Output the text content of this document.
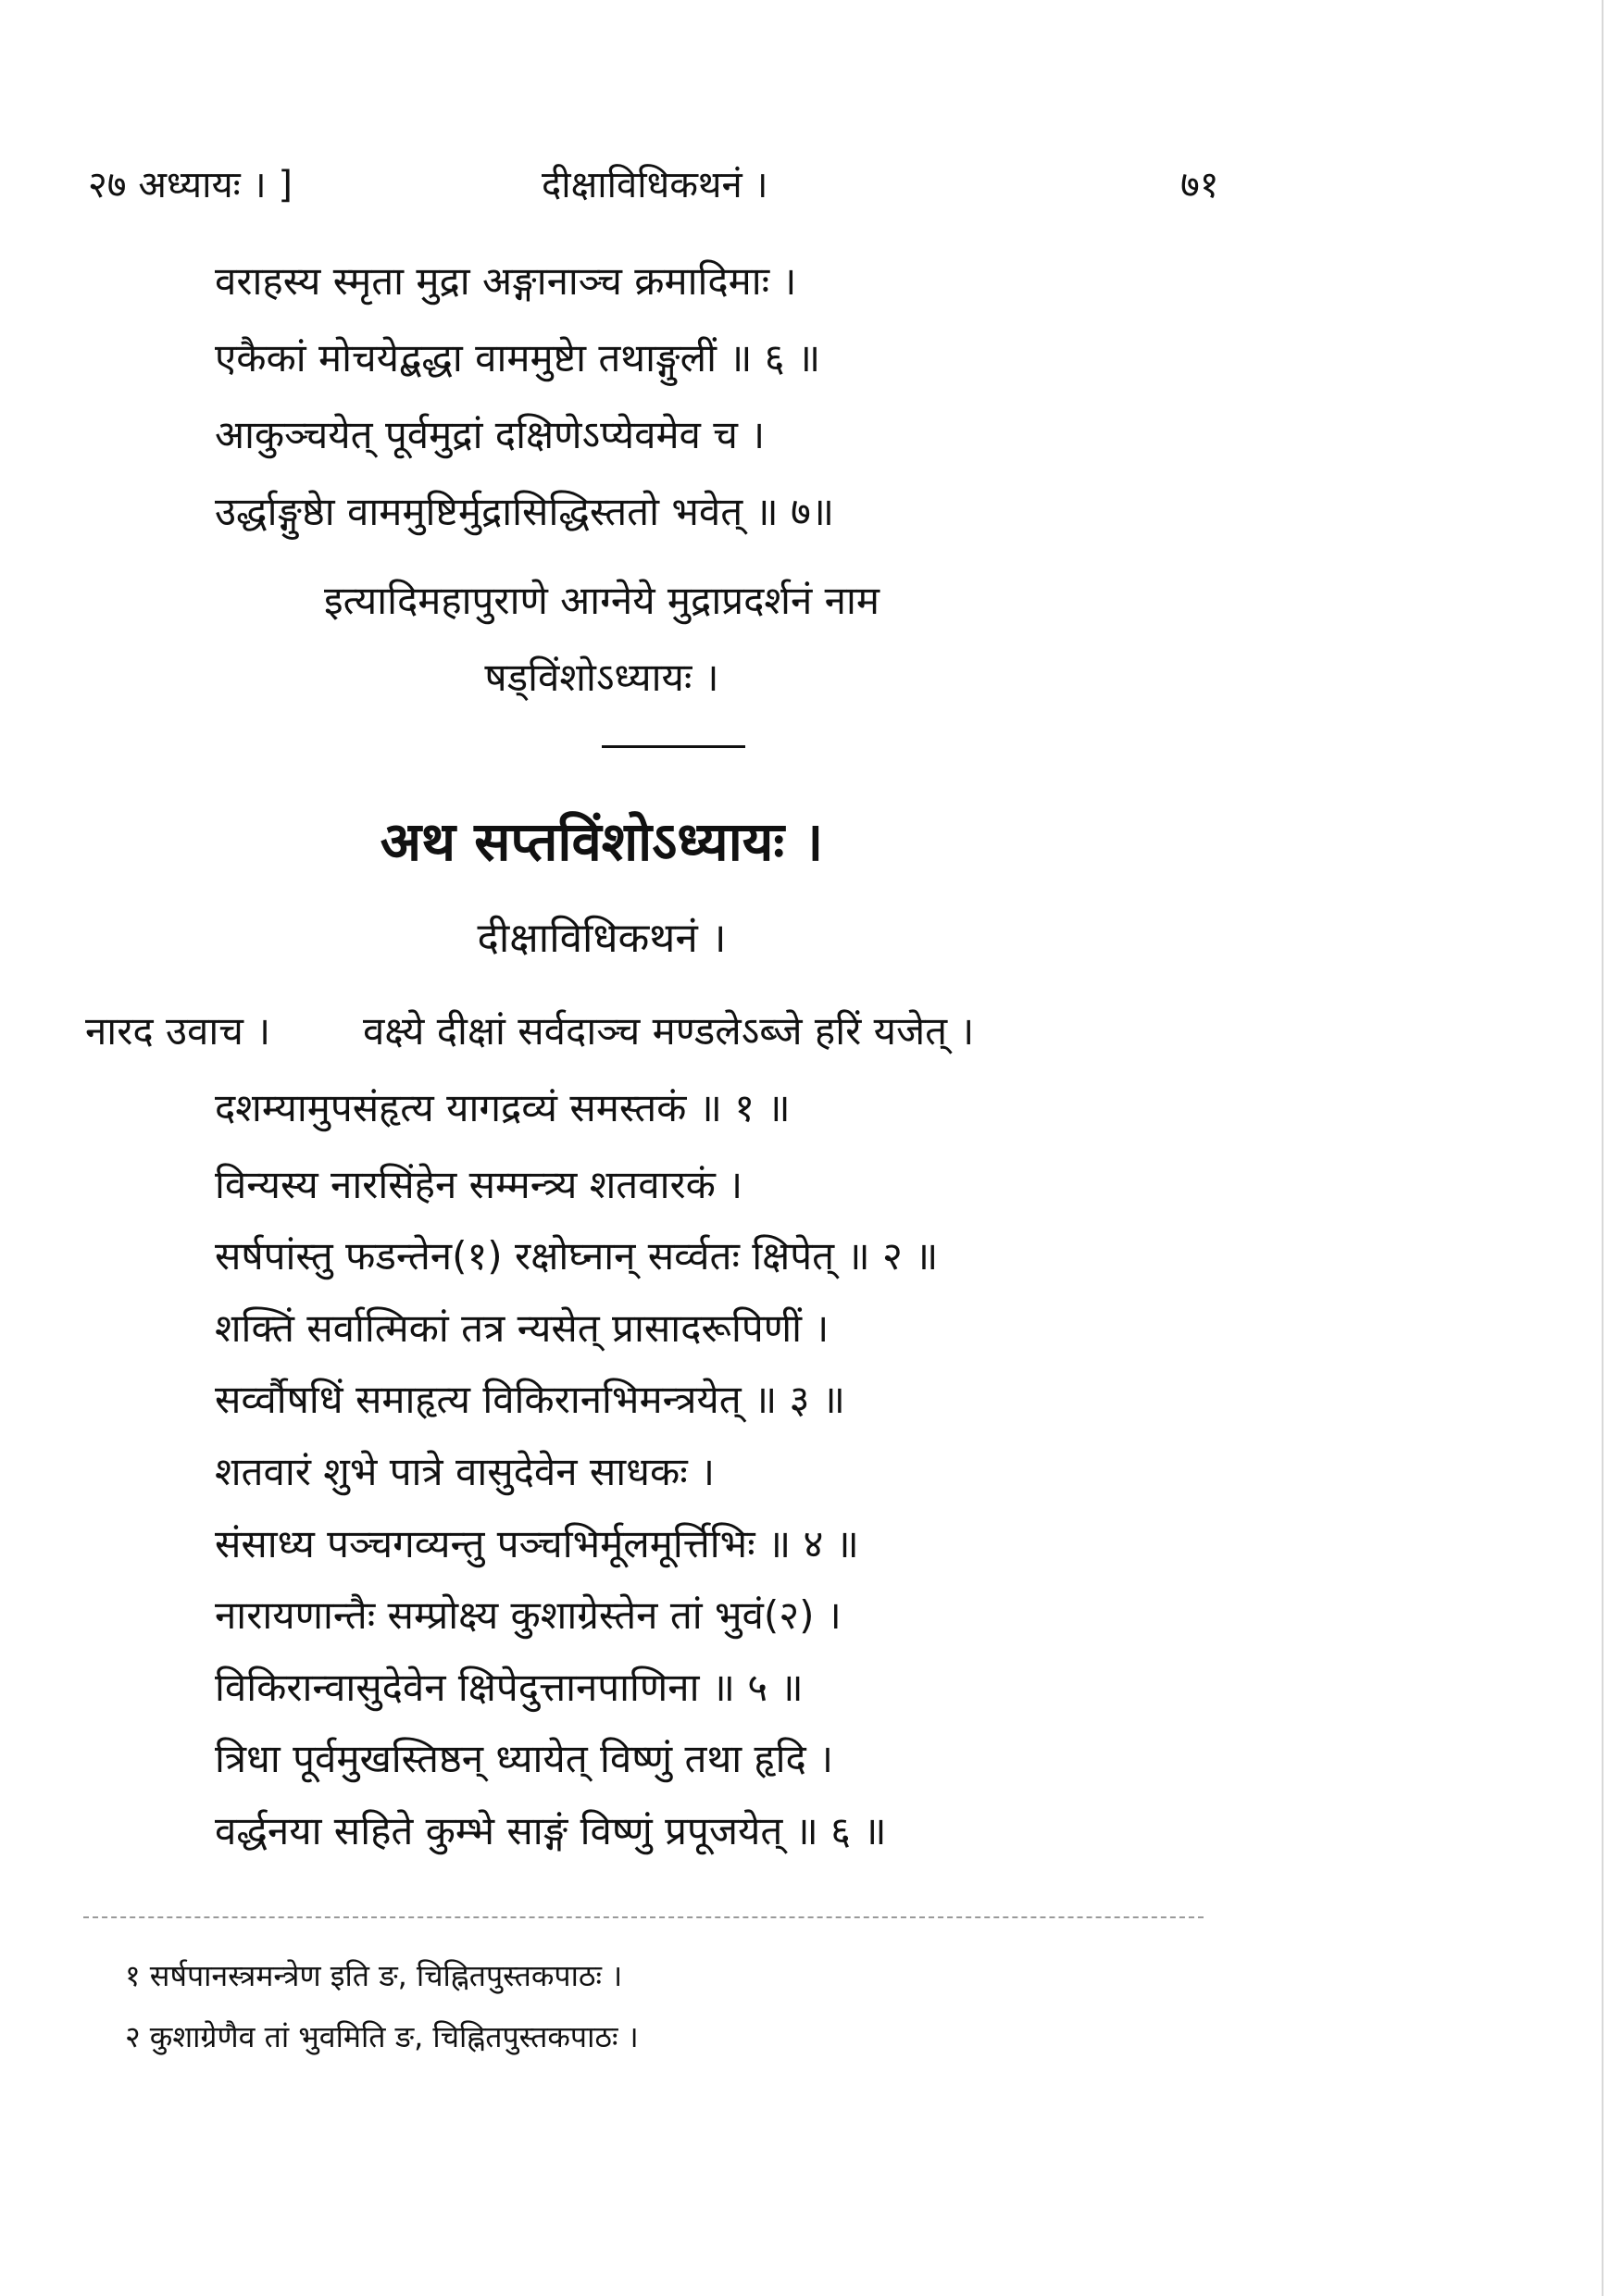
२७ अध्यायः । ]	दीक्षाविधिकथनं ।	७१
वराहस्य स्मृता मुद्रा अङ्गानाञ्च क्रमादिमाः ।
एकैकां मोचयेद्बद्धा वाममुष्टेा तथाङ्गुलीं ॥ ६ ॥
आकुञ्चयेत् पूर्वमुद्रां दक्षिणेऽप्येवमेव च ।
उर्द्धाङ्गुष्ठेा वाममुष्टिर्मुद्रासिद्धिस्ततो भवेत् ॥ ७॥
इत्यादिमहापुराणे आग्नेये मुद्राप्रदर्शनं नाम
षड्विंशोऽध्यायः ।
अथ सप्तविंशोऽध्यायः ।
दीक्षाविधिकथनं ।
नारद उवाच । वक्ष्ये दीक्षां सर्वदाञ्च मण्डलेऽब्जे हरिं यजेत् ।
दशम्यामुपसंहृत्य यागद्रव्यं समस्तकं ॥ १ ॥
विन्यस्य नारसिंहेन सम्मन्त्र्य शतवारकं ।
सर्षपांस्तु फडन्तेन(१) रक्षोघ्नान् सर्व्वतः क्षिपेत् ॥ २ ॥
शक्तिं सर्वात्मिकां तत्र न्यसेत् प्रासादरूपिणीं ।
सर्व्वौषधिं समाहृत्य विकिरानभिमन्त्रयेत् ॥ ३ ॥
शतवारं शुभे पात्रे वासुदेवेन साधकः ।
संसाध्य पञ्चगव्यन्तु पञ्चभिर्मूलमूर्त्तिभिः ॥ ४ ॥
नारायणान्तैः सम्प्रोक्ष्य कुशाग्रेस्तेन तां भुवं(२) ।
विकिरान्वासुदेवेन क्षिपेदुत्तानपाणिना ॥ ५ ॥
त्रिधा पूर्वमुखस्तिष्ठन् ध्यायेत् विष्णुं तथा हृदि ।
वर्द्धनया सहिते कुम्भे साङ्गं विष्णुं प्रपूजयेत् ॥ ६ ॥
१ सर्षपानस्त्रमन्त्रेण इति ङ, चिह्नितपुस्तकपाठः ।
२ कुशाग्रेणैव तां भुवमिति ङ, चिह्नितपुस्तकपाठः ।
